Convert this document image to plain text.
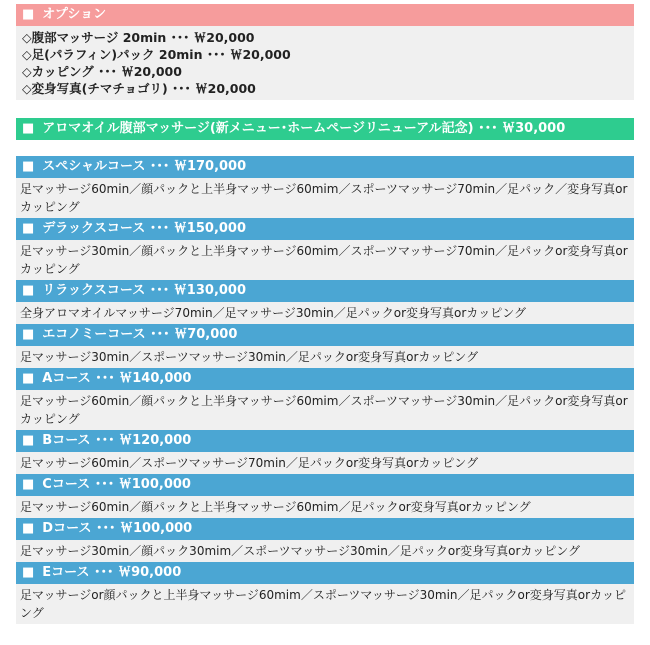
■ オプション
◇腹部マッサージ 20min ･･･ ￦20,000
◇足(パラフィン)パック 20min ･･･ ￦20,000
◇カッピング ･･･ ￦20,000
◇変身写真(チマチョゴリ) ･･･ ￦20,000
■ アロマオイル腹部マッサージ(新メニュー･ホームページリニューアル記念) ･･･ ￦30,000
■ スペシャルコース ･･･ ￦170,000
足マッサージ60min／顔パックと上半身マッサージ60mim／スポーツマッサージ70min／足パック／変身写真orカッピング
■ デラックスコース ･･･ ￦150,000
足マッサージ30min／顔パックと上半身マッサージ60mim／スポーツマッサージ70min／足パックor変身写真orカッピング
■ リラックスコース ･･･ ￦130,000
全身アロマオイルマッサージ70min／足マッサージ30min／足パックor変身写真orカッピング
■ エコノミーコース ･･･ ￦70,000
足マッサージ30min／スポーツマッサージ30min／足パックor変身写真orカッピング
■ Aコース ･･･ ￦140,000
足マッサージ60min／顔パックと上半身マッサージ60mim／スポーツマッサージ30min／足パックor変身写真orカッピング
■ Bコース ･･･ ￦120,000
足マッサージ60min／スポーツマッサージ70min／足パックor変身写真orカッピング
■ Cコース ･･･ ￦100,000
足マッサージ60min／顔パックと上半身マッサージ60mim／足パックor変身写真orカッピング
■ Dコース ･･･ ￦100,000
足マッサージ30min／顔パック30mim／スポーツマッサージ30min／足パックor変身写真orカッピング
■ Eコース ･･･ ￦90,000
足マッサージor顔パックと上半身マッサージ60mim／スポーツマッサージ30min／足パックor変身写真orカッピング
